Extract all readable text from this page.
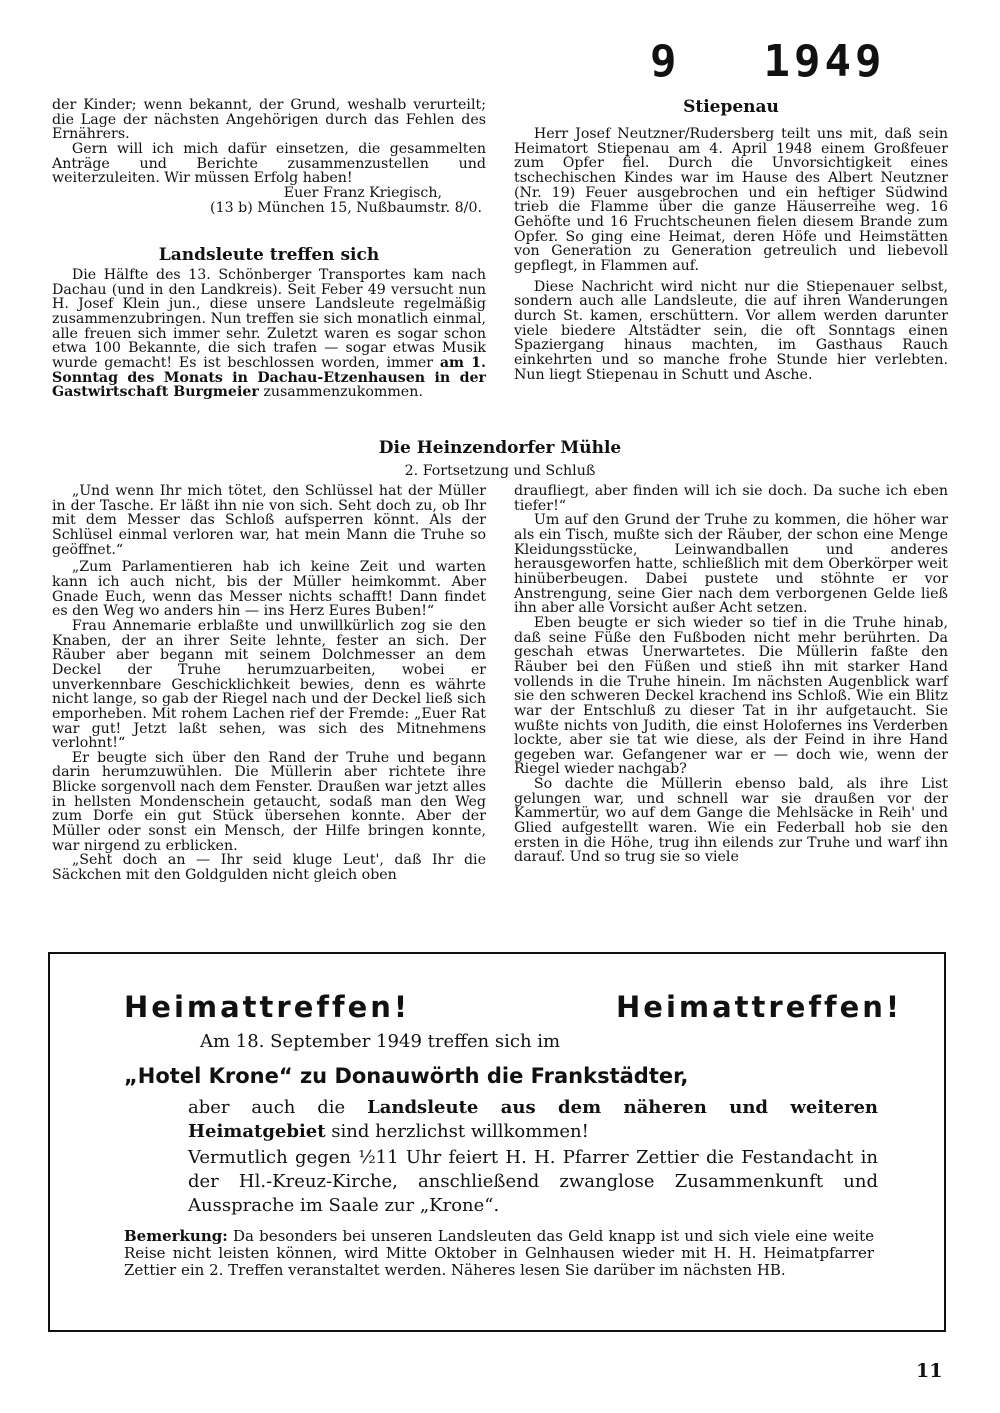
9 1949

der Kinder; wenn bekannt, der Grund, weshalb verurteilt; die Lage der nächsten Angehörigen durch das Fehlen des Ernährers.

Gern will ich mich dafür einsetzen, die gesammelten Anträge und Berichte zusammenzustellen und weiterzuleiten. Wir müssen Erfolg haben!

Euer Franz Kriegisch,

(13 b) München 15, Nußbaumstr. 8/0.

Landsleute treffen sich

Die Hälfte des 13. Schönberger Transportes kam nach Dachau (und in den Landkreis). Seit Feber 49 versucht nun H. Josef Klein jun., diese unsere Landsleute regelmäßig zusammenzubringen. Nun treffen sie sich monatlich einmal, alle freuen sich immer sehr. Zuletzt waren es sogar schon etwa 100 Bekannte, die sich trafen — sogar etwas Musik wurde gemacht! Es ist beschlossen worden, immer am 1. Sonntag des Monats in Dachau-Etzenhausen in der Gastwirtschaft Burgmeier zusammenzukommen.

Stiepenau

Herr Josef Neutzner/Rudersberg teilt uns mit, daß sein Heimatort Stiepenau am 4. April 1948 einem Großfeuer zum Opfer fiel. Durch die Unvorsichtigkeit eines tschechischen Kindes war im Hause des Albert Neutzner (Nr. 19) Feuer ausgebrochen und ein heftiger Südwind trieb die Flamme über die ganze Häuserreihe weg. 16 Gehöfte und 16 Fruchtscheunen fielen diesem Brande zum Opfer. So ging eine Heimat, deren Höfe und Heimstätten von Generation zu Generation getreulich und liebevoll gepflegt, in Flammen auf.

Diese Nachricht wird nicht nur die Stiepenauer selbst, sondern auch alle Landsleute, die auf ihren Wanderungen durch St. kamen, erschüttern. Vor allem werden darunter viele biedere Altstädter sein, die oft Sonntags einen Spaziergang hinaus machten, im Gasthaus Rauch einkehrten und so manche frohe Stunde hier verlebten. Nun liegt Stiepenau in Schutt und Asche.

Die Heinzendorfer Mühle
2. Fortsetzung und Schluß

„Und wenn Ihr mich tötet, den Schlüssel hat der Müller in der Tasche. Er läßt ihn nie von sich. Seht doch zu, ob Ihr mit dem Messer das Schloß aufsperren könnt. Als der Schlüsel einmal verloren war, hat mein Mann die Truhe so geöffnet.“

„Zum Parlamentieren hab ich keine Zeit und warten kann ich auch nicht, bis der Müller heimkommt. Aber Gnade Euch, wenn das Messer nichts schafft! Dann findet es den Weg wo anders hin — ins Herz Eures Buben!“

Frau Annemarie erblaßte und unwillkürlich zog sie den Knaben, der an ihrer Seite lehnte, fester an sich. Der Räuber aber begann mit seinem Dolchmesser an dem Deckel der Truhe herumzuarbeiten, wobei er unverkennbare Geschicklichkeit bewies, denn es währte nicht lange, so gab der Riegel nach und der Deckel ließ sich emporheben. Mit rohem Lachen rief der Fremde: „Euer Rat war gut! Jetzt laßt sehen, was sich des Mitnehmens verlohnt!“

Er beugte sich über den Rand der Truhe und begann darin herumzuwühlen. Die Müllerin aber richtete ihre Blicke sorgenvoll nach dem Fenster. Draußen war jetzt alles in hellsten Mondenschein getaucht, sodaß man den Weg zum Dorfe ein gut Stück übersehen konnte. Aber der Müller oder sonst ein Mensch, der Hilfe bringen konnte, war nirgend zu erblicken.

„Seht doch an — Ihr seid kluge Leut', daß Ihr die Säckchen mit den Goldgulden nicht gleich oben

draufliegt, aber finden will ich sie doch. Da suche ich eben tiefer!“

Um auf den Grund der Truhe zu kommen, die höher war als ein Tisch, mußte sich der Räuber, der schon eine Menge Kleidungsstücke, Leinwandballen und anderes herausgeworfen hatte, schließlich mit dem Oberkörper weit hinüberbeugen. Dabei pustete und stöhnte er vor Anstrengung, seine Gier nach dem verborgenen Gelde ließ ihn aber alle Vorsicht außer Acht setzen.

Eben beugte er sich wieder so tief in die Truhe hinab, daß seine Füße den Fußboden nicht mehr berührten. Da geschah etwas Unerwartetes. Die Müllerin faßte den Räuber bei den Füßen und stieß ihn mit starker Hand vollends in die Truhe hinein. Im nächsten Augenblick warf sie den schweren Deckel krachend ins Schloß. Wie ein Blitz war der Entschluß zu dieser Tat in ihr aufgetaucht. Sie wußte nichts von Judith, die einst Holofernes ins Verderben lockte, aber sie tat wie diese, als der Feind in ihre Hand gegeben war. Gefangener war er — doch wie, wenn der Riegel wieder nachgab?

So dachte die Müllerin ebenso bald, als ihre List gelungen war, und schnell war sie draußen vor der Kammertür, wo auf dem Gange die Mehlsäcke in Reih' und Glied aufgestellt waren. Wie ein Federball hob sie den ersten in die Höhe, trug ihn eilends zur Truhe und warf ihn darauf. Und so trug sie so viele

Heimattreffen!	Heimattreffen!
Am 18. September 1949 treffen sich im
„Hotel Krone“ zu Donauwörth die Frankstädter,

aber auch die Landsleute aus dem näheren und weiteren Heimatgebiet sind herzlichst willkommen!

Vermutlich gegen ½11 Uhr feiert H. H. Pfarrer Zettier die Festandacht in der Hl.-Kreuz-Kirche, anschließend zwanglose Zusammenkunft und Aussprache im Saale zur „Krone“.

Bemerkung: Da besonders bei unseren Landsleuten das Geld knapp ist und sich viele eine weite Reise nicht leisten können, wird Mitte Oktober in Gelnhausen wieder mit H. H. Heimatpfarrer Zettier ein 2. Treffen veranstaltet werden. Näheres lesen Sie darüber im nächsten HB.

11
